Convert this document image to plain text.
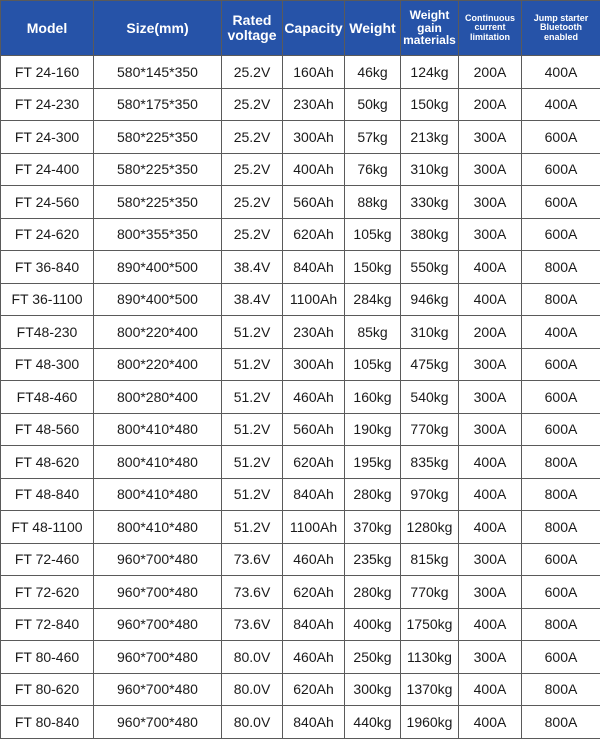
Model	Size(mm)	Rated voltage	Capacity	Weight	Weight gain materials	Continuous current limitation	Jump starter Bluetooth enabled
FT 24-160	580*145*350	25.2V	160Ah	46kg	124kg	200A	400A
FT 24-230	580*175*350	25.2V	230Ah	50kg	150kg	200A	400A
FT 24-300	580*225*350	25.2V	300Ah	57kg	213kg	300A	600A
FT 24-400	580*225*350	25.2V	400Ah	76kg	310kg	300A	600A
FT 24-560	580*225*350	25.2V	560Ah	88kg	330kg	300A	600A
FT 24-620	800*355*350	25.2V	620Ah	105kg	380kg	300A	600A
FT 36-840	890*400*500	38.4V	840Ah	150kg	550kg	400A	800A
FT 36-1100	890*400*500	38.4V	1100Ah	284kg	946kg	400A	800A
FT48-230	800*220*400	51.2V	230Ah	85kg	310kg	200A	400A
FT 48-300	800*220*400	51.2V	300Ah	105kg	475kg	300A	600A
FT48-460	800*280*400	51.2V	460Ah	160kg	540kg	300A	600A
FT 48-560	800*410*480	51.2V	560Ah	190kg	770kg	300A	600A
FT 48-620	800*410*480	51.2V	620Ah	195kg	835kg	400A	800A
FT 48-840	800*410*480	51.2V	840Ah	280kg	970kg	400A	800A
FT 48-1100	800*410*480	51.2V	1100Ah	370kg	1280kg	400A	800A
FT 72-460	960*700*480	73.6V	460Ah	235kg	815kg	300A	600A
FT 72-620	960*700*480	73.6V	620Ah	280kg	770kg	300A	600A
FT 72-840	960*700*480	73.6V	840Ah	400kg	1750kg	400A	800A
FT 80-460	960*700*480	80.0V	460Ah	250kg	1130kg	300A	600A
FT 80-620	960*700*480	80.0V	620Ah	300kg	1370kg	400A	800A
FT 80-840	960*700*480	80.0V	840Ah	440kg	1960kg	400A	800A
